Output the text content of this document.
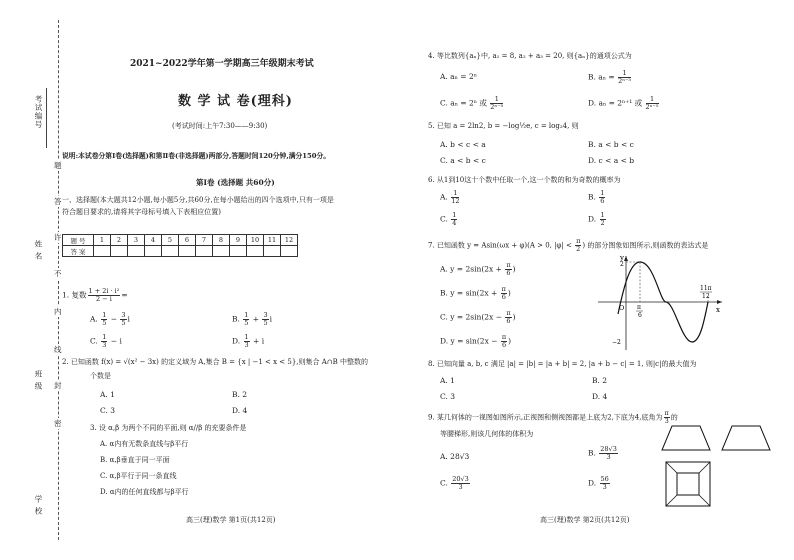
考试编号
姓 名
班 级
学 校
题
答
许
不
内
线
封
密
2021~2022学年第一学期高三年级期末考试
数 学 试 卷(理科)
(考试时间:上午7:30——9:30)
说明:本试卷分第Ⅰ卷(选择题)和第Ⅱ卷(非选择题)两部分,答题时间120分钟,满分150分。
第Ⅰ卷 (选择题 共60分)
一、选择题(本大题共12小题,每小题5分,共60分,在每小题给出的四个选项中,只有一项是
符合题目要求的,请将其字母标号填入下表相应位置)
题 号	1	2	3	4	5	6	7	8	9	10	11	12
答 案												
1. 复数 $\frac{\text{1 + 2i · i²}}{2 - i}$ =
A. $\frac{1}{5} - \frac{3}{5}$ i	B. $\frac{1}{5} + \frac{3}{5}$ i
C. $\frac{1}{3} - i$	D. $\frac{1}{3} + i$
2. 已知函数 f(x) = √(x² − 3x) 的定义域为 A,集合 B = {x | −1 < x < 5},则集合 A∩B 中整数的
个数是
A. 1	B. 2
C. 3	D. 4
3. 设 α,β 为两个不同的平面,则 α//β 的充要条件是
A. α内有无数条直线与β平行
B. α,β垂直于同一平面
C. α,β平行于同一条直线
D. α内的任何直线都与β平行
高三(理)数学 第1页(共12页)
4. 等比数列{aₙ}中, a₁ = 8, a₂ + a₃ = 20, 则{aₙ}的通项公式为
A. aₙ = 2ⁿ	B. $a_n = \frac{1}{\text{2ⁿ⁻⁵}}$
C. aₙ = 2ⁿ 或 $\frac{1}{\text{2ⁿ⁻⁵}}$	D. aₙ = 2ⁿ⁺¹ 或 $\frac{1}{\text{2ⁿ⁻⁵}}$
5. 已知 a = 2ln2, b = −log½e, c = log₂4, 则
A. b < c < a	B. a < b < c
C. a < b < c	D. c < a < b
6. 从1到10这十个数中任取一个,这一个数的和为奇数的概率为
A. $\frac{1}{12}$	B. $\frac{1}{6}$
C. $\frac{1}{4}$	D. $\frac{1}{2}$
7. 已知函数 y = Asin(ωx + φ)(A > 0, $|\varphi| < \frac{\pi}{2}$ ) 的部分图象如图所示,则函数的表达式是
A. $y = 2\sin(2x + \frac{\pi}{6}$ )
B. $y = \sin(2x + \frac{\pi}{6}$ )
C. $y = 2\sin(2x - \frac{\pi}{6}$ )
D. $y = \sin(2x - \frac{\pi}{6}$ )
y
x
O
2
−2
π
6
11π
12
8. 已知向量 a, b, c 满足 |a| = |b| = |a + b| = 2, |a + b − c| = 1, 则|c|的最大值为
A. 1	B. 2
C. 3	D. 4
9. 某几何体的一视图如图所示,正视图和侧视图都是上底为2,下底为4,底角为 $\frac{\pi}{3}$ 的
等腰梯形,则该几何体的体积为
A. 28√3	B. $\frac{28√3}{3}$
C. $\frac{20√3}{3}$	D. $\frac{56}{3}$
高三(理)数学 第2页(共12页)
